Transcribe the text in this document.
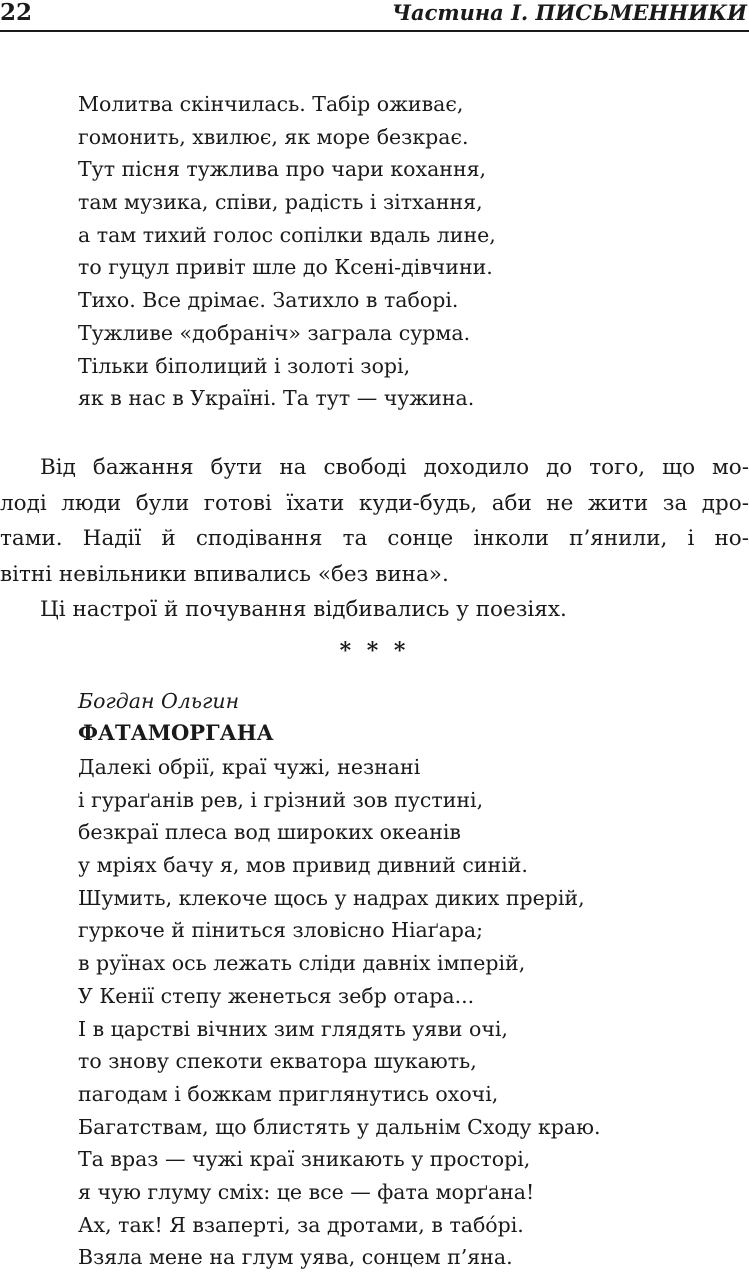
22	Частина І. ПИСЬМЕННИКИ
Молитва скінчилась. Табір оживає,
гомонить, хвилює, як море безкрає.
Тут пісня тужлива про чари кохання,
там музика, співи, радість і зітхання,
а там тихий голос сопілки вдаль лине,
то гуцул привіт шле до Ксені-дівчини.
Тихо. Все дрімає. Затихло в таборі.
Тужливе «добраніч» заграла сурма.
Тільки біполиций і золоті зорі,
як в нас в Україні. Та тут — чужина.
Від бажання бути на свободі доходило до того, що мо-
лоді люди були готові їхати куди-будь, аби не жити за дро-
тами. Надії й сподівання та сонце інколи п’янили, і но-
вітні невільники впивались «без вина».
Ці настрої й почування відбивались у поезіях.
* * *
Богдан Ольгин
ФАТАМОРГАНА
Далекі обрії, краї чужі, незнані
і гураґанів рев, і грізний зов пустині,
безкраї плеса вод широких океанів
у мріях бачу я, мов привид дивний синій.
Шумить, клекоче щось у надрах диких прерій,
гуркоче й піниться зловісно Ніаґара;
в руїнах ось лежать сліди давніх імперій,
У Кенії степу женеться зебр отара...
І в царстві вічних зим глядять уяви очі,
то знову спекоти екватора шукають,
пагодам і божкам приглянутись охочі,
Багатствам, що блистять у дальнім Сходу краю.
Та враз — чужі краї зникають у просторі,
я чую глуму сміх: це все — фата морґана!
Ах, так! Я взаперті, за дротами, в табóрі.
Взяла мене на глум уява, сонцем п’яна.
